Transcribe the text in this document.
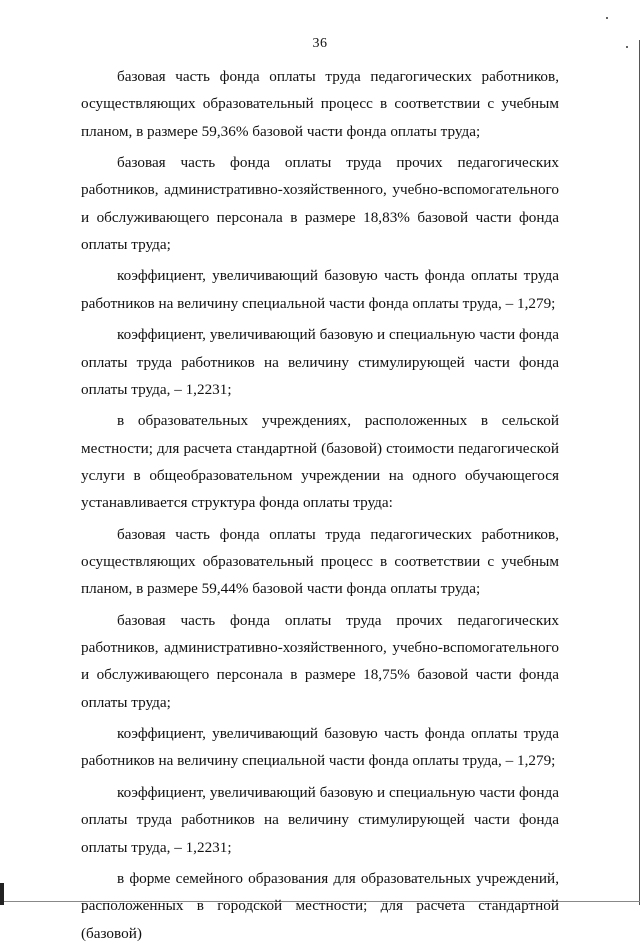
36

базовая часть фонда оплаты труда педагогических работников, осуществляющих образовательный процесс в соответствии с учебным планом, в размере 59,36% базовой части фонда оплаты труда;

базовая часть фонда оплаты труда прочих педагогических работников, административно-хозяйственного, учебно-вспомогательного и обслуживающего персонала в размере 18,83% базовой части фонда оплаты труда;

коэффициент, увеличивающий базовую часть фонда оплаты труда работников на величину специальной части фонда оплаты труда, – 1,279;

коэффициент, увеличивающий базовую и специальную части фонда оплаты труда работников на величину стимулирующей части фонда оплаты труда, – 1,2231;

в образовательных учреждениях, расположенных в сельской местности; для расчета стандартной (базовой) стоимости педагогической услуги в общеобразовательном учреждении на одного обучающегося устанавливается структура фонда оплаты труда:

базовая часть фонда оплаты труда педагогических работников, осуществляющих образовательный процесс в соответствии с учебным планом, в размере 59,44% базовой части фонда оплаты труда;

базовая часть фонда оплаты труда прочих педагогических работников, административно-хозяйственного, учебно-вспомогательного и обслуживающего персонала в размере 18,75% базовой части фонда оплаты труда;

коэффициент, увеличивающий базовую часть фонда оплаты труда работников на величину специальной части фонда оплаты труда, – 1,279;

коэффициент, увеличивающий базовую и специальную части фонда оплаты труда работников на величину стимулирующей части фонда оплаты труда, – 1,2231;

в форме семейного образования для образовательных учреждений, расположенных в городской местности; для расчета стандартной (базовой)
